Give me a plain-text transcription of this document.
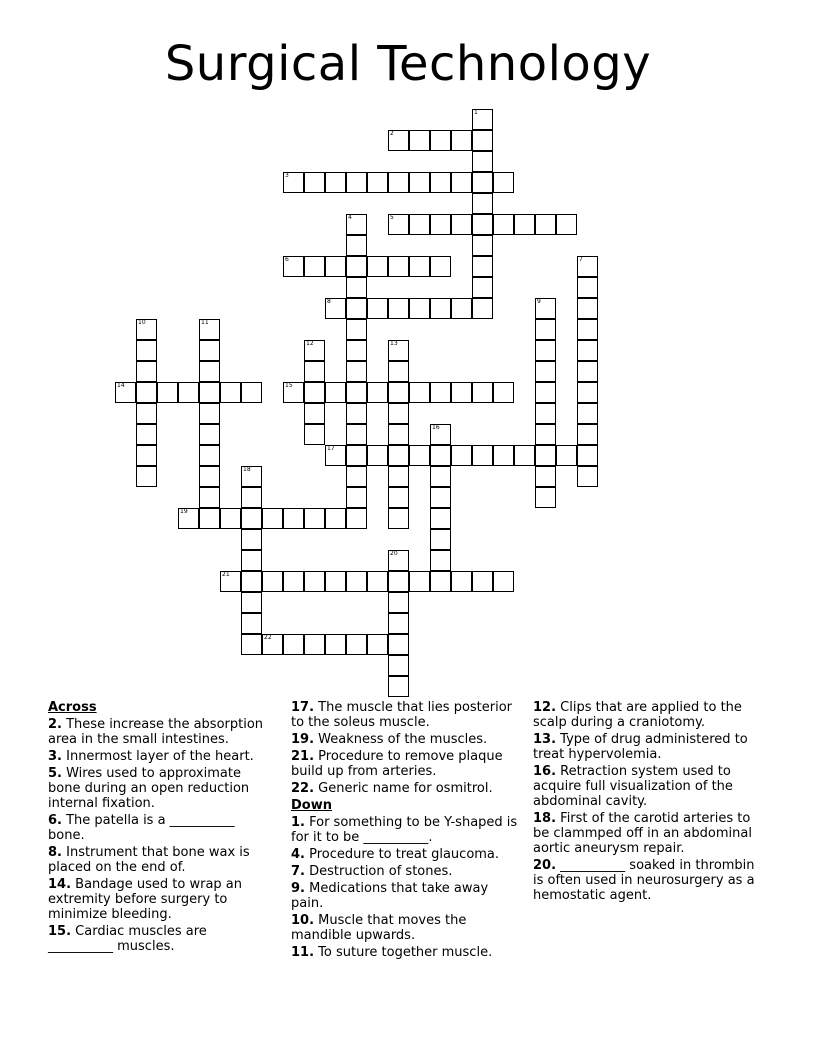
Surgical Technology
1
2
3
4	5
6	7
8	9
10	11
12	13
14	15
16
17
18
19
20
21
22
Across
2. These increase the absorption area in the small intestines.
3. Innermost layer of the heart.
5. Wires used to approximate bone during an open reduction internal fixation.
6. The patella is a __________ bone.
8. Instrument that bone wax is placed on the end of.
14. Bandage used to wrap an extremity before surgery to minimize bleeding.
15. Cardiac muscles are __________ muscles.
17. The muscle that lies posterior to the soleus muscle.
19. Weakness of the muscles.
21. Procedure to remove plaque build up from arteries.
22. Generic name for osmitrol.
Down
1. For something to be Y-shaped is for it to be __________.
4. Procedure to treat glaucoma.
7. Destruction of stones.
9. Medications that take away pain.
10. Muscle that moves the mandible upwards.
11. To suture together muscle.
12. Clips that are applied to the scalp during a craniotomy.
13. Type of drug administered to treat hypervolemia.
16. Retraction system used to acquire full visualization of the abdominal cavity.
18. First of the carotid arteries to be clammped off in an abdominal aortic aneurysm repair.
20. __________ soaked in thrombin is often used in neurosurgery as a hemostatic agent.
